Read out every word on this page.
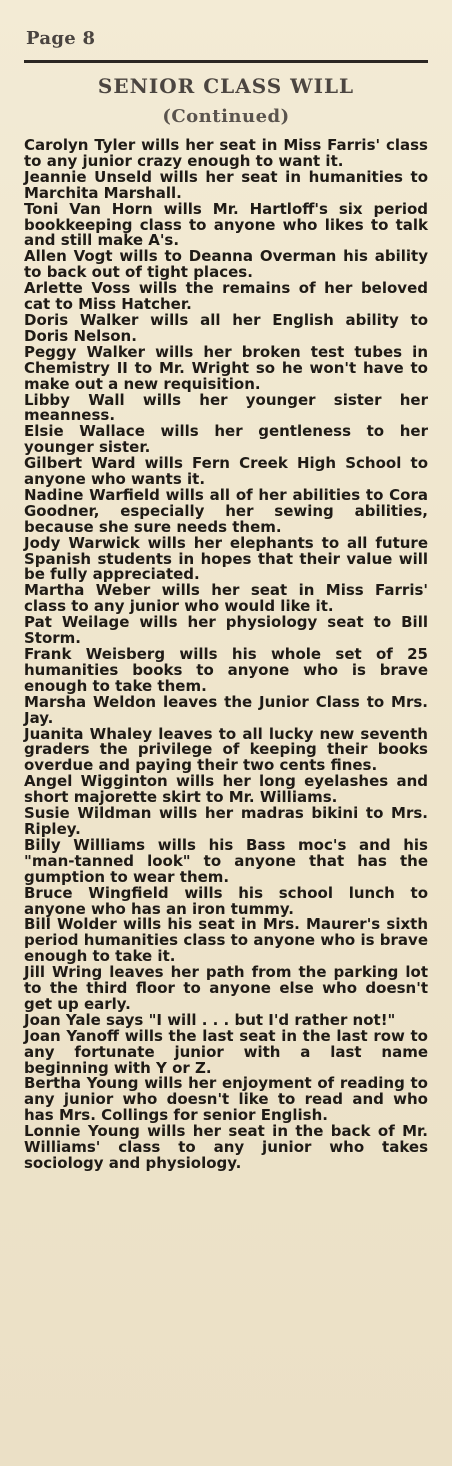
Page 8
SENIOR CLASS WILL
(Continued)

Carolyn Tyler wills her seat in Miss Farris' class to any junior crazy enough to want it.

Jeannie Unseld wills her seat in humanities to Marchita Marshall.

Toni Van Horn wills Mr. Hartloff's six period bookkeeping class to anyone who likes to talk and still make A's.

Allen Vogt wills to Deanna Overman his ability to back out of tight places.

Arlette Voss wills the remains of her beloved cat to Miss Hatcher.

Doris Walker wills all her English ability to Doris Nelson.

Peggy Walker wills her broken test tubes in Chemistry II to Mr. Wright so he won't have to make out a new requisition.

Libby Wall wills her younger sister her meanness.

Elsie Wallace wills her gentleness to her younger sister.

Gilbert Ward wills Fern Creek High School to anyone who wants it.

Nadine Warfield wills all of her abilities to Cora Goodner, especially her sewing abilities, because she sure needs them.

Jody Warwick wills her elephants to all future Spanish students in hopes that their value will be fully appreciated.

Martha Weber wills her seat in Miss Farris' class to any junior who would like it.

Pat Weilage wills her physiology seat to Bill Storm.

Frank Weisberg wills his whole set of 25 humanities books to anyone who is brave enough to take them.

Marsha Weldon leaves the Junior Class to Mrs. Jay.

Juanita Whaley leaves to all lucky new seventh graders the privilege of keeping their books overdue and paying their two cents fines.

Angel Wigginton wills her long eyelashes and short majorette skirt to Mr. Williams.

Susie Wildman wills her madras bikini to Mrs. Ripley.

Billy Williams wills his Bass moc's and his "man-tanned look" to anyone that has the gumption to wear them.

Bruce Wingfield wills his school lunch to anyone who has an iron tummy.

Bill Wolder wills his seat in Mrs. Maurer's sixth period humanities class to anyone who is brave enough to take it.

Jill Wring leaves her path from the parking lot to the third floor to anyone else who doesn't get up early.

Joan Yale says "I will . . . but I'd rather not!"

Joan Yanoff wills the last seat in the last row to any fortunate junior with a last name beginning with Y or Z.

Bertha Young wills her enjoyment of reading to any junior who doesn't like to read and who has Mrs. Collings for senior English.

Lonnie Young wills her seat in the back of Mr. Williams' class to any junior who takes sociology and physiology.
